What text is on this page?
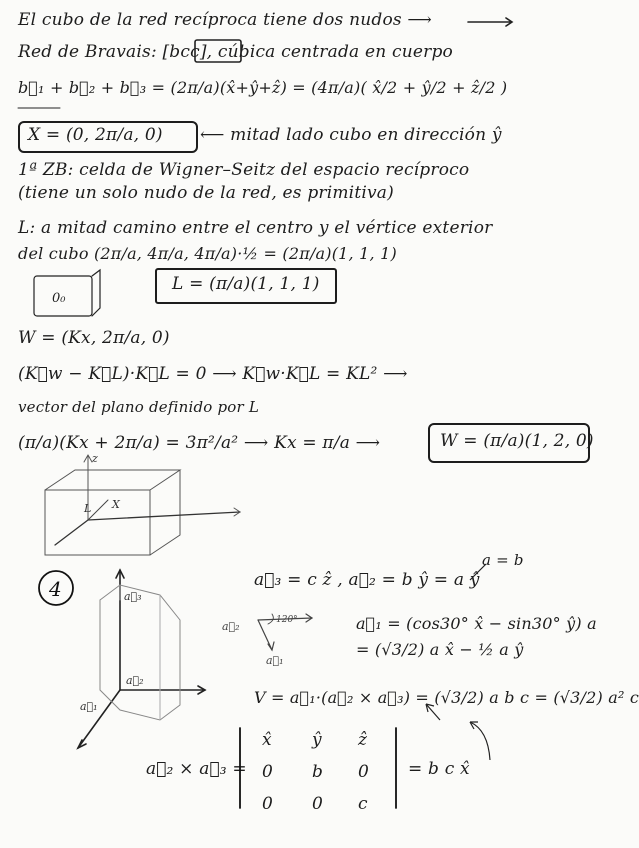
El cubo de la red recíproca tiene dos nudos ⟶
Red de Bravais: [bcc], cúbica centrada en cuerpo
b⃗₁ + b⃗₂ + b⃗₃ = (2π/a)(x̂+ŷ+ẑ) = (4π/a)( x̂/2 + ŷ/2 + ẑ/2 )
X = (0, 2π/a, 0) ⟵ mitad lado cubo en dirección ŷ
1ª ZB: celda de Wigner–Seitz del espacio recíproco
(tiene un solo nudo de la red, es primitiva)
L: a mitad camino entre el centro y el vértice exterior
del cubo (2π/a, 4π/a, 4π/a)·½ = (2π/a)(1, 1, 1)
L = (π/a)(1, 1, 1)
W = (Kx, 2π/a, 0)
(K⃗w − K⃗L)·K⃗L = 0 ⟶ K⃗w·K⃗L = KL² ⟶
vector del plano definido por L
(π/a)(Kx + 2π/a) = 3π²/a² ⟶ Kx = π/a ⟶	W = (π/a)(1, 2, 0)
a⃗₃ = c ẑ , a⃗₂ = b ŷ = a ŷ
a = b
a⃗₁ = (cos30° x̂ − sin30° ŷ) a
= (√3/2) a x̂ − ½ a ŷ
V = a⃗₁·(a⃗₂ × a⃗₃) = (√3/2) a b c = (√3/2) a² c
a⃗₂ × a⃗₃ =	= b c x̂
x̂ ŷ ẑ
0 b 0
0 0 c
0₀
L X
z
4	a⃗₃
a⃗₂
a⃗₁
120°
a⃗₂
a⃗₁
